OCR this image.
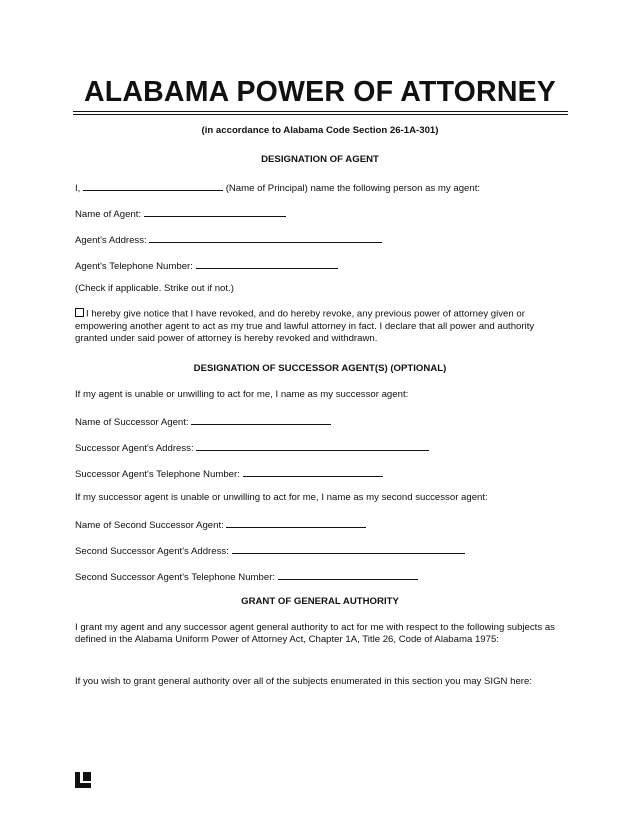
ALABAMA POWER OF ATTORNEY
(in accordance to Alabama Code Section 26-1A-301)
DESIGNATION OF AGENT
I,	(Name of Principal) name the following person as my agent:
Name of Agent:
Agent's Address:
Agent's Telephone Number:
(Check if applicable. Strike out if not.)
I hereby give notice that I have revoked, and do hereby revoke, any previous power of attorney given or empowering another agent to act as my true and lawful attorney in fact. I declare that all power and authority granted under said power of attorney is hereby revoked and withdrawn.
DESIGNATION OF SUCCESSOR AGENT(S) (OPTIONAL)
If my agent is unable or unwilling to act for me, I name as my successor agent:
Name of Successor Agent:
Successor Agent's Address:
Successor Agent's Telephone Number:
If my successor agent is unable or unwilling to act for me, I name as my second successor agent:
Name of Second Successor Agent:
Second Successor Agent's Address:
Second Successor Agent's Telephone Number:
GRANT OF GENERAL AUTHORITY
I grant my agent and any successor agent general authority to act for me with respect to the following subjects as defined in the Alabama Uniform Power of Attorney Act, Chapter 1A, Title 26, Code of Alabama 1975:
If you wish to grant general authority over all of the subjects enumerated in this section you may SIGN here:
